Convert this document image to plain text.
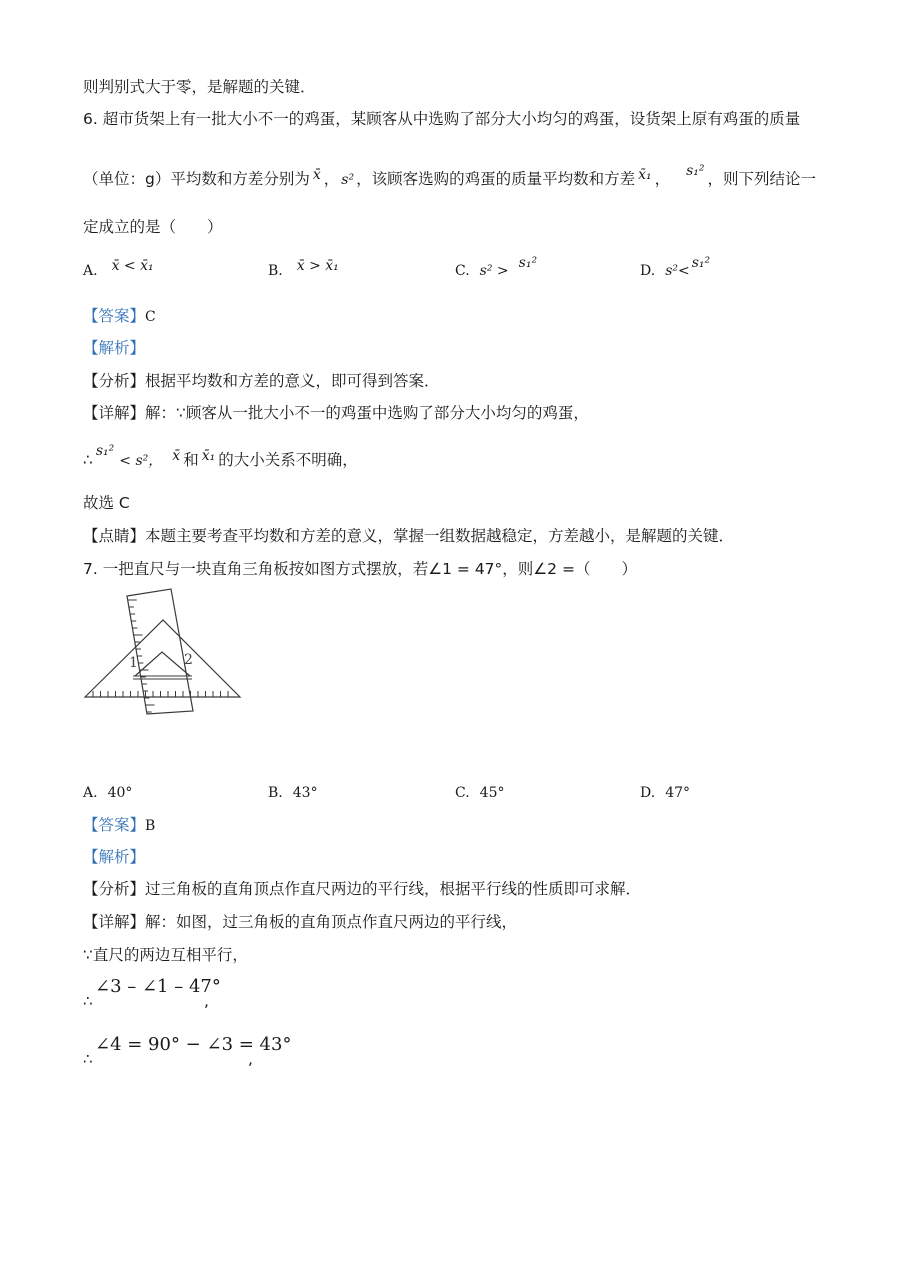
则判别式大于零，是解题的关键．
6. 超市货架上有一批大小不一的鸡蛋，某顾客从中选购了部分大小均匀的鸡蛋，设货架上原有鸡蛋的质量
（单位：g）平均数和方差分别为 x̄ ， s² ，该顾客选购的鸡蛋的质量平均数和方差 x̄₁ ， s₁² ，则下列结论一
定成立的是（　　）
A. x̄ < x̄₁	B. x̄ > x̄₁	C. s² > s₁²	D. s²< s₁²
【答案】C
【解析】
【分析】根据平均数和方差的意义，即可得到答案．
【详解】解：∵顾客从一批大小不一的鸡蛋中选购了部分大小均匀的鸡蛋，
∴ s₁²< s²， x̄ 和 x̄₁ 的大小关系不明确，
故选 C
【点睛】本题主要考查平均数和方差的意义，掌握一组数据越稳定，方差越小，是解题的关键．
7. 一把直尺与一块直角三角板按如图方式摆放，若∠1 = 47°，则∠2 =（　　）
1	2
A. 40°	B. 43°	C. 45°	D. 47°
【答案】B
【解析】
【分析】过三角板的直角顶点作直尺两边的平行线，根据平行线的性质即可求解．
【详解】解：如图，过三角板的直角顶点作直尺两边的平行线，
∵直尺的两边互相平行，
∴
∠3 – ∠1 – 47°
,
∴
∠4 = 90° − ∠3 = 43°
,
